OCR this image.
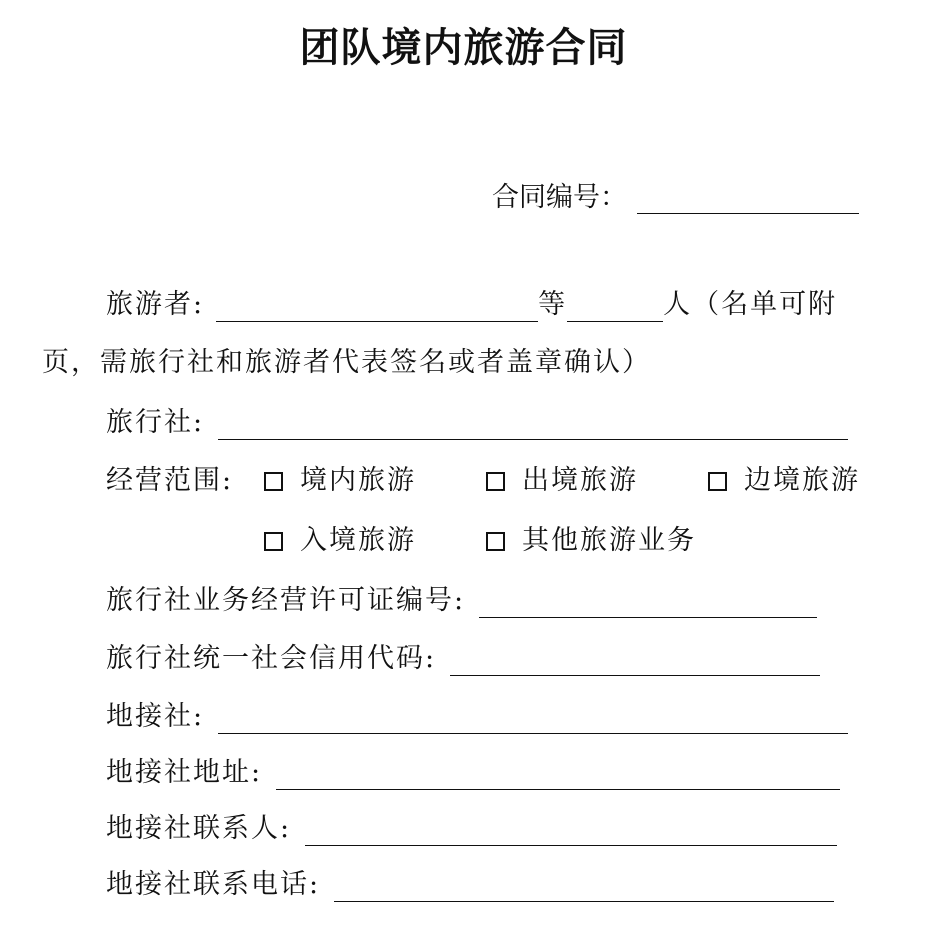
团队境内旅游合同
合同编号：
旅游者:	等	人（名单可附
页，需旅行社和旅游者代表签名或者盖章确认）
旅行社:
经营范围: 境内旅游	出境旅游	边境旅游
入境旅游	其他旅游业务
旅行社业务经营许可证编号:
旅行社统一社会信用代码:
地接社:
地接社地址:
地接社联系人:
地接社联系电话:
